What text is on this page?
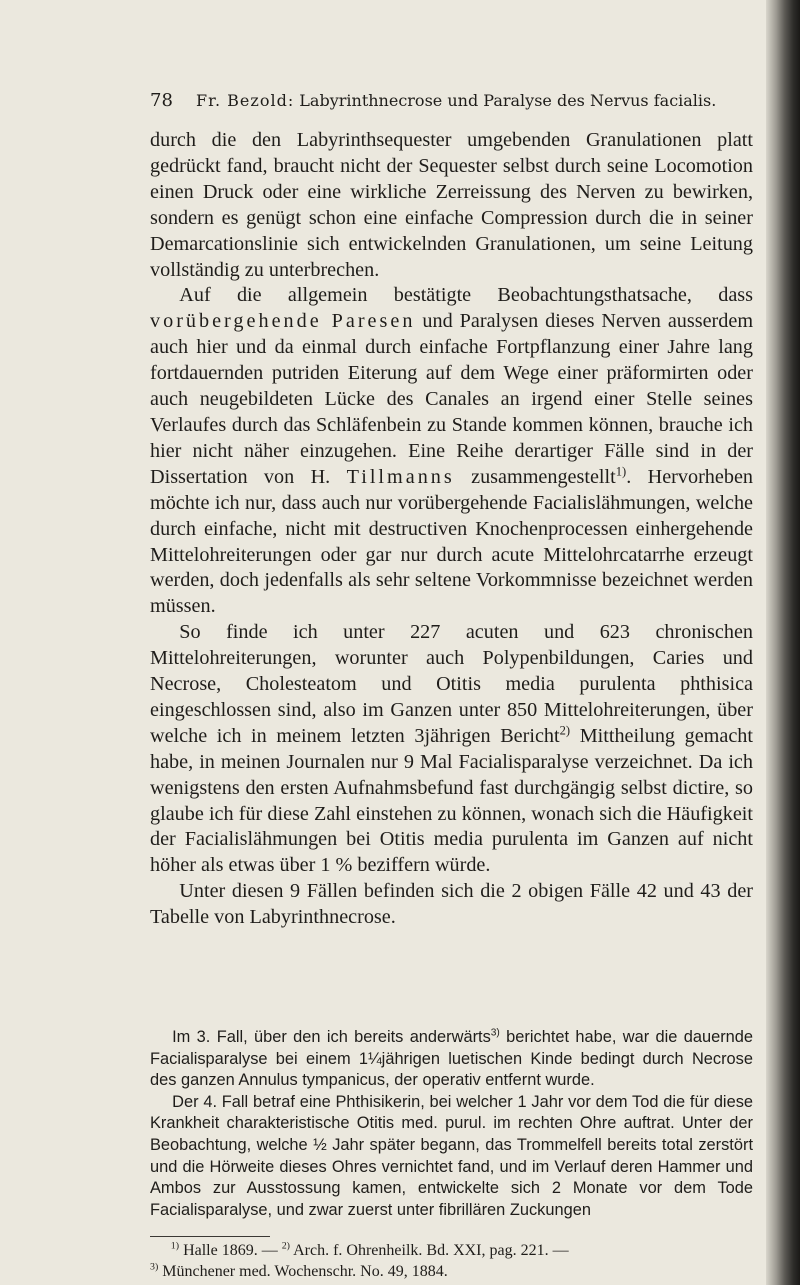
78 Fr. Bezold: Labyrinthnecrose und Paralyse des Nervus facialis.

durch die den Labyrinthsequester umgebenden Granulationen platt gedrückt fand, braucht nicht der Sequester selbst durch seine Locomotion einen Druck oder eine wirkliche Zerreissung des Nerven zu bewirken, sondern es genügt schon eine einfache Compression durch die in seiner Demarcationslinie sich entwickelnden Granulationen, um seine Leitung vollständig zu unterbrechen.

Auf die allgemein bestätigte Beobachtungsthatsache, dass vorübergehende Paresen und Paralysen dieses Nerven ausserdem auch hier und da einmal durch einfache Fortpflanzung einer Jahre lang fortdauernden putriden Eiterung auf dem Wege einer präformirten oder auch neugebildeten Lücke des Canales an irgend einer Stelle seines Verlaufes durch das Schläfenbein zu Stande kommen können, brauche ich hier nicht näher einzugehen. Eine Reihe derartiger Fälle sind in der Dissertation von H. Tillmanns zusammengestellt$^{1)}$. Hervorheben möchte ich nur, dass auch nur vorübergehende Facialislähmungen, welche durch einfache, nicht mit destructiven Knochenprocessen einhergehende Mittelohreiterungen oder gar nur durch acute Mittelohrcatarrhe erzeugt werden, doch jedenfalls als sehr seltene Vorkommnisse bezeichnet werden müssen.

So finde ich unter 227 acuten und 623 chronischen Mittelohreiterungen, worunter auch Polypenbildungen, Caries und Necrose, Cholesteatom und Otitis media purulenta phthisica eingeschlossen sind, also im Ganzen unter 850 Mittelohreiterungen, über welche ich in meinem letzten 3jährigen Bericht$^{2)}$ Mittheilung gemacht habe, in meinen Journalen nur 9 Mal Facialisparalyse verzeichnet. Da ich wenigstens den ersten Aufnahmsbefund fast durchgängig selbst dictire, so glaube ich für diese Zahl einstehen zu können, wonach sich die Häufigkeit der Facialislähmungen bei Otitis media purulenta im Ganzen auf nicht höher als etwas über 1 % beziffern würde.

Unter diesen 9 Fällen befinden sich die 2 obigen Fälle 42 und 43 der Tabelle von Labyrinthnecrose.

Im 3. Fall, über den ich bereits anderwärts$^{3)}$ berichtet habe, war die dauernde Facialisparalyse bei einem 1¼jährigen luetischen Kinde bedingt durch Necrose des ganzen Annulus tympanicus, der operativ entfernt wurde.

Der 4. Fall betraf eine Phthisikerin, bei welcher 1 Jahr vor dem Tod die für diese Krankheit charakteristische Otitis med. purul. im rechten Ohre auftrat. Unter der Beobachtung, welche ½ Jahr später begann, das Trommelfell bereits total zerstört und die Hörweite dieses Ohres vernichtet fand, und im Verlauf deren Hammer und Ambos zur Ausstossung kamen, entwickelte sich 2 Monate vor dem Tode Facialisparalyse, und zwar zuerst unter fibrillären Zuckungen

$^{1)}$ Halle 1869. — $^{2)}$ Arch. f. Ohrenheilk. Bd. XXI, pag. 221. —
$^{3)}$ Münchener med. Wochenschr. No. 49, 1884.
